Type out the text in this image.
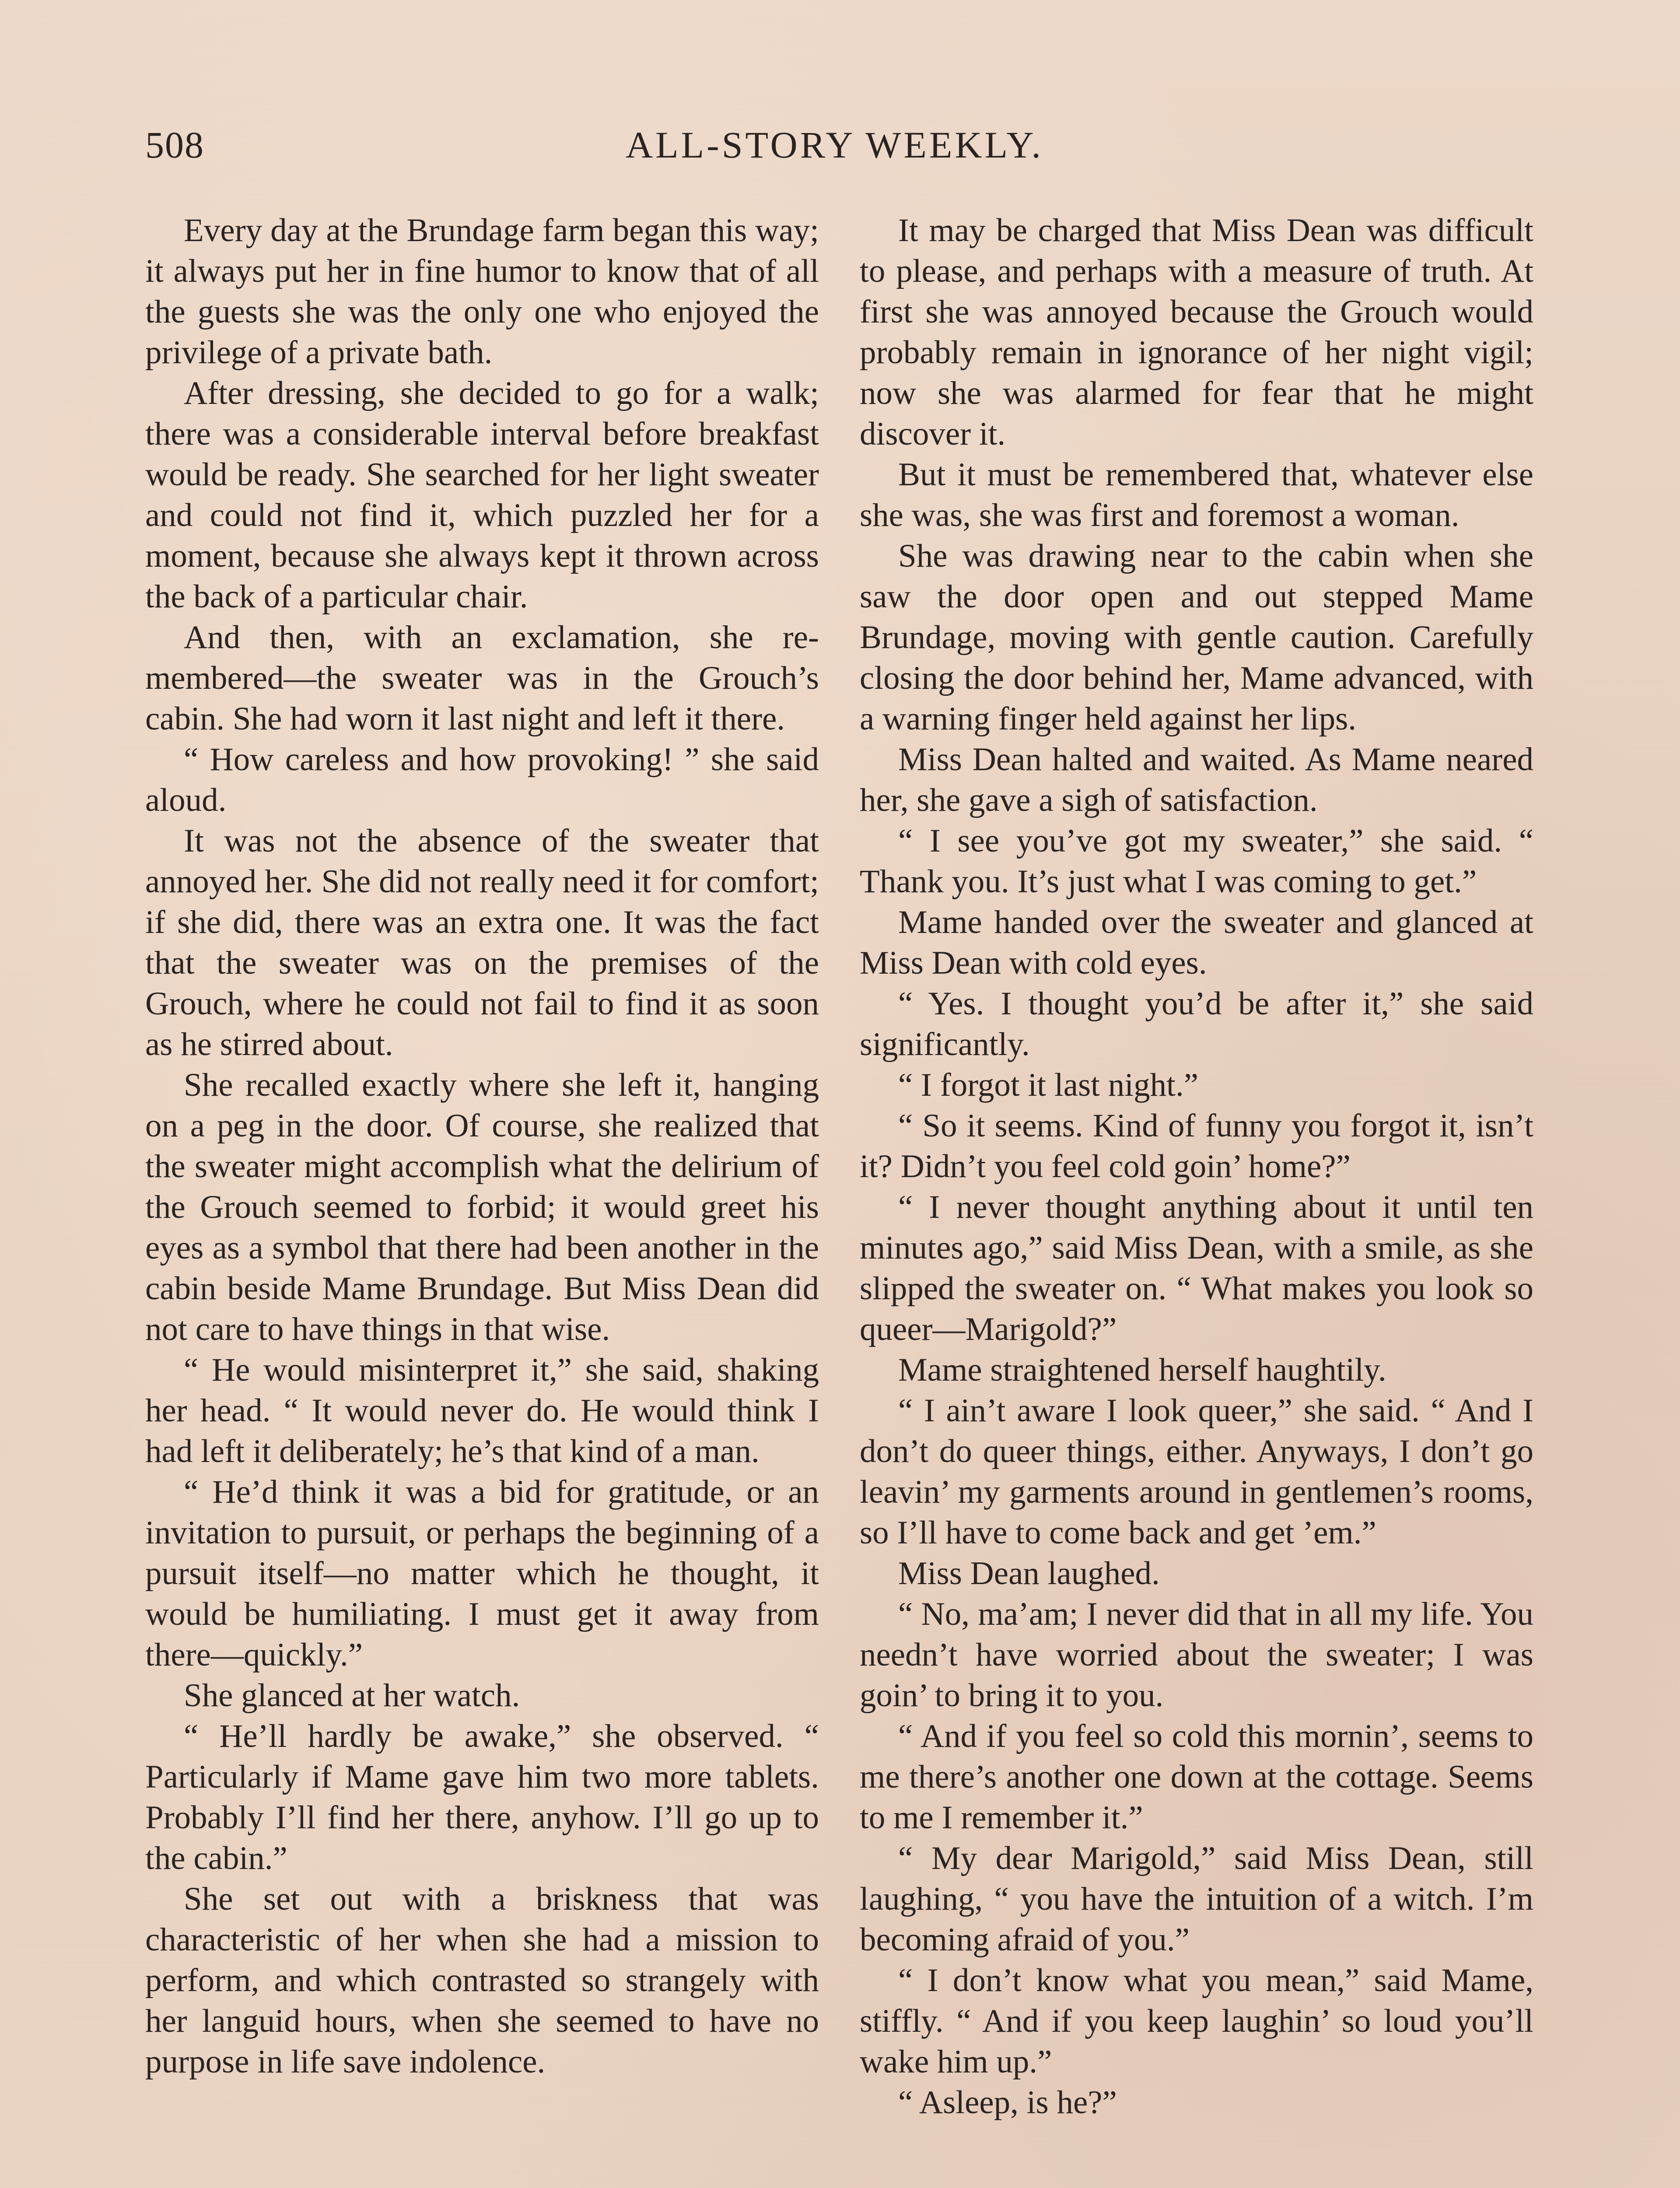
508	ALL-STORY WEEKLY.

Every day at the Brundage farm began this way; it always put her in fine humor to know that of all the guests she was the only one who enjoyed the privilege of a private bath.

After dressing, she decided to go for a walk; there was a considerable interval before breakfast would be ready. She searched for her light sweater and could not find it, which puzzled her for a moment, because she always kept it thrown across the back of a particular chair.

And then, with an exclamation, she remembered—the sweater was in the Grouch’s cabin. She had worn it last night and left it there.

“ How careless and how provoking! ” she said aloud.

It was not the absence of the sweater that annoyed her. She did not really need it for comfort; if she did, there was an extra one. It was the fact that the sweater was on the premises of the Grouch, where he could not fail to find it as soon as he stirred about.

She recalled exactly where she left it, hanging on a peg in the door. Of course, she realized that the sweater might accomplish what the delirium of the Grouch seemed to forbid; it would greet his eyes as a symbol that there had been another in the cabin beside Mame Brundage. But Miss Dean did not care to have things in that wise.

“ He would misinterpret it,” she said, shaking her head. “ It would never do. He would think I had left it deliberately; he’s that kind of a man.

“ He’d think it was a bid for gratitude, or an invitation to pursuit, or perhaps the beginning of a pursuit itself—no matter which he thought, it would be humiliating. I must get it away from there—quickly.”

She glanced at her watch.

“ He’ll hardly be awake,” she observed. “ Particularly if Mame gave him two more tablets. Probably I’ll find her there, anyhow. I’ll go up to the cabin.”

She set out with a briskness that was characteristic of her when she had a mission to perform, and which contrasted so strangely with her languid hours, when she seemed to have no purpose in life save indolence.

It may be charged that Miss Dean was difficult to please, and perhaps with a measure of truth. At first she was annoyed because the Grouch would probably remain in ignorance of her night vigil; now she was alarmed for fear that he might discover it.

But it must be remembered that, whatever else she was, she was first and foremost a woman.

She was drawing near to the cabin when she saw the door open and out stepped Mame Brundage, moving with gentle caution. Carefully closing the door behind her, Mame advanced, with a warning finger held against her lips.

Miss Dean halted and waited. As Mame neared her, she gave a sigh of satisfaction.

“ I see you’ve got my sweater,” she said. “ Thank you. It’s just what I was coming to get.”

Mame handed over the sweater and glanced at Miss Dean with cold eyes.

“ Yes. I thought you’d be after it,” she said significantly.

“ I forgot it last night.”

“ So it seems. Kind of funny you forgot it, isn’t it? Didn’t you feel cold goin’ home?”

“ I never thought anything about it until ten minutes ago,” said Miss Dean, with a smile, as she slipped the sweater on. “ What makes you look so queer—Marigold?”

Mame straightened herself haughtily.

“ I ain’t aware I look queer,” she said. “ And I don’t do queer things, either. Anyways, I don’t go leavin’ my garments around in gentlemen’s rooms, so I’ll have to come back and get ’em.”

Miss Dean laughed.

“ No, ma’am; I never did that in all my life. You needn’t have worried about the sweater; I was goin’ to bring it to you.

“ And if you feel so cold this mornin’, seems to me there’s another one down at the cottage. Seems to me I remember it.”

“ My dear Marigold,” said Miss Dean, still laughing, “ you have the intuition of a witch. I’m becoming afraid of you.”

“ I don’t know what you mean,” said Mame, stiffly. “ And if you keep laughin’ so loud you’ll wake him up.”

“ Asleep, is he?”
